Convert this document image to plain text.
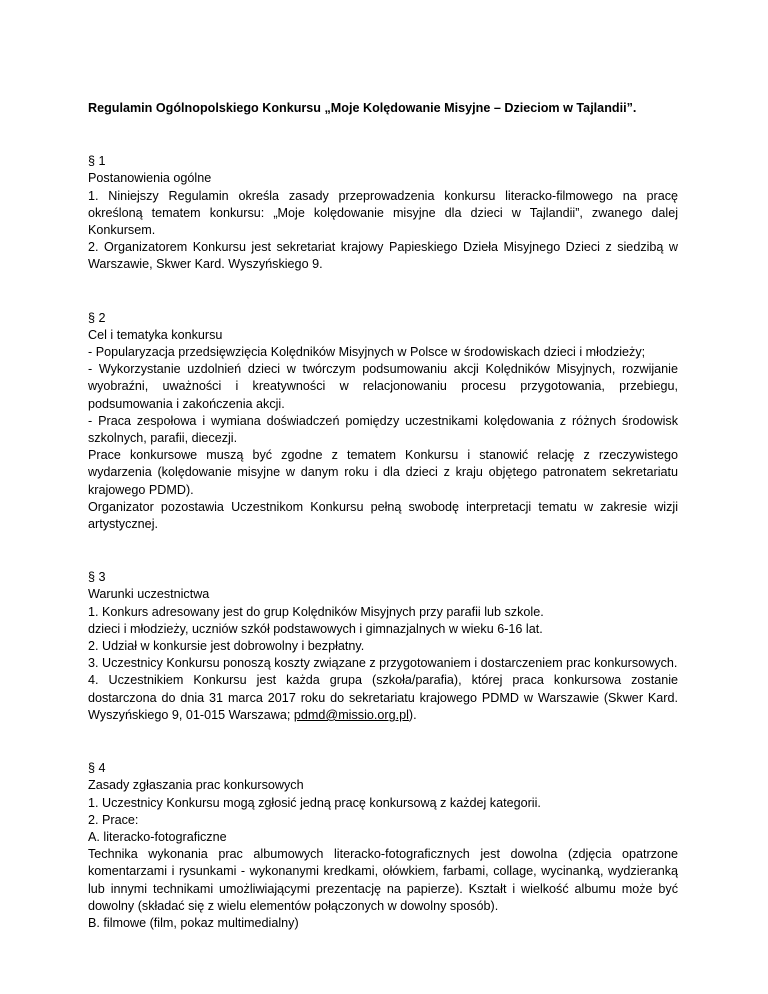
Regulamin Ogólnopolskiego Konkursu „Moje Kolędowanie Misyjne – Dzieciom w Tajlandii”.

§ 1

Postanowienia ogólne

1. Niniejszy Regulamin określa zasady przeprowadzenia konkursu literacko-filmowego na pracę określoną tematem konkursu: „Moje kolędowanie misyjne dla dzieci w Tajlandii”, zwanego dalej Konkursem.

2. Organizatorem Konkursu jest sekretariat krajowy Papieskiego Dzieła Misyjnego Dzieci z siedzibą w Warszawie, Skwer Kard. Wyszyńskiego 9.

§ 2

Cel i tematyka konkursu

- Popularyzacja przedsięwzięcia Kolędników Misyjnych w Polsce w środowiskach dzieci i młodzieży;

- Wykorzystanie uzdolnień dzieci w twórczym podsumowaniu akcji Kolędników Misyjnych, rozwijanie wyobraźni, uważności i kreatywności w relacjonowaniu procesu przygotowania, przebiegu, podsumowania i zakończenia akcji.

- Praca zespołowa i wymiana doświadczeń pomiędzy uczestnikami kolędowania z różnych środowisk szkolnych, parafii, diecezji.

Prace konkursowe muszą być zgodne z tematem Konkursu i stanowić relację z rzeczywistego wydarzenia (kolędowanie misyjne w danym roku i dla dzieci z kraju objętego patronatem sekretariatu krajowego PDMD).

Organizator pozostawia Uczestnikom Konkursu pełną swobodę interpretacji tematu w zakresie wizji artystycznej.

§ 3

Warunki uczestnictwa

1. Konkurs adresowany jest do grup Kolędników Misyjnych przy parafii lub szkole.

dzieci i młodzieży, uczniów szkół podstawowych i gimnazjalnych w wieku 6-16 lat.

2. Udział w konkursie jest dobrowolny i bezpłatny.

3. Uczestnicy Konkursu ponoszą koszty związane z przygotowaniem i dostarczeniem prac konkursowych.

4. Uczestnikiem Konkursu jest każda grupa (szkoła/parafia), której praca konkursowa zostanie dostarczona do dnia 31 marca 2017 roku do sekretariatu krajowego PDMD w Warszawie (Skwer Kard. Wyszyńskiego 9, 01-015 Warszawa; pdmd@missio.org.pl).

§ 4

Zasady zgłaszania prac konkursowych

1. Uczestnicy Konkursu mogą zgłosić jedną pracę konkursową z każdej kategorii.

2. Prace:

A. literacko-fotograficzne

Technika wykonania prac albumowych literacko-fotograficznych jest dowolna (zdjęcia opatrzone komentarzami i rysunkami - wykonanymi kredkami, ołówkiem, farbami, collage, wycinanką, wydzieranką lub innymi technikami umożliwiającymi prezentację na papierze). Kształt i wielkość albumu może być dowolny (składać się z wielu elementów połączonych w dowolny sposób).

B. filmowe (film, pokaz multimedialny)
